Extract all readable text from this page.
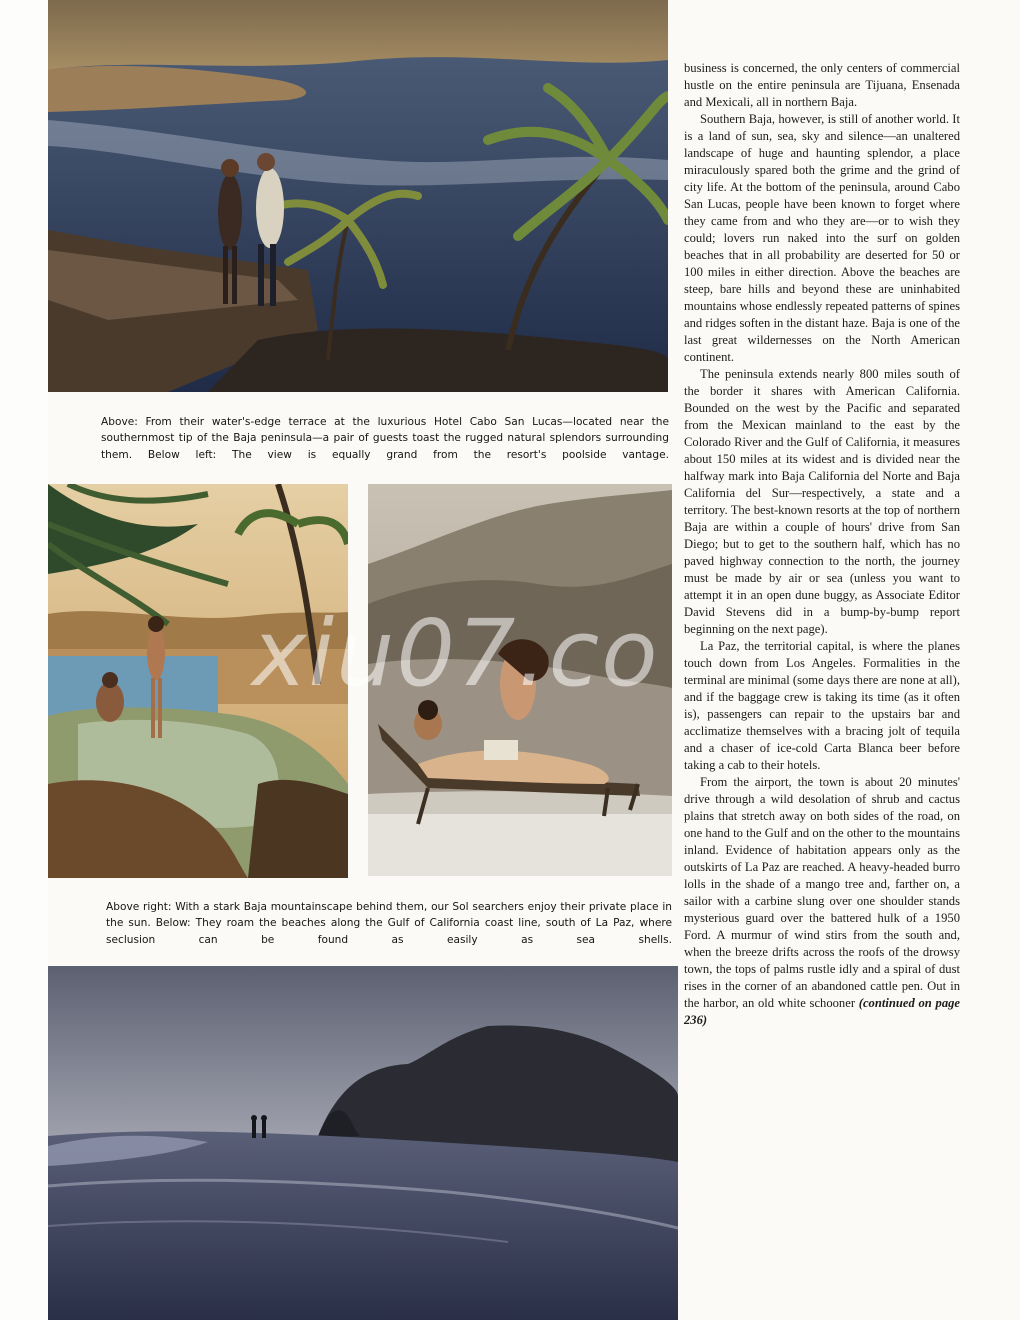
Above: From their water's-edge terrace at the luxurious Hotel Cabo San Lucas—located near the southernmost tip of the Baja peninsula—a pair of guests toast the rugged natural splendors surrounding them. Below left: The view is equally grand from the resort's poolside vantage.

Above right: With a stark Baja mountainscape behind them, our Sol searchers enjoy their private place in the sun. Below: They roam the beaches along the Gulf of California coast line, south of La Paz, where seclusion can be found as easily as sea shells.

business is concerned, the only centers of commercial hustle on the entire peninsula are Tijuana, Ensenada and Mexicali, all in northern Baja.

Southern Baja, however, is still of another world. It is a land of sun, sea, sky and silence—an unaltered landscape of huge and haunting splendor, a place miraculously spared both the grime and the grind of city life. At the bottom of the peninsula, around Cabo San Lucas, people have been known to forget where they came from and who they are—or to wish they could; lovers run naked into the surf on golden beaches that in all probability are deserted for 50 or 100 miles in either direction. Above the beaches are steep, bare hills and beyond these are uninhabited mountains whose endlessly repeated patterns of spines and ridges soften in the distant haze. Baja is one of the last great wildernesses on the North American continent.

The peninsula extends nearly 800 miles south of the border it shares with American California. Bounded on the west by the Pacific and separated from the Mexican mainland to the east by the Colorado River and the Gulf of California, it measures about 150 miles at its widest and is divided near the halfway mark into Baja California del Norte and Baja California del Sur—respectively, a state and a territory. The best-known resorts at the top of northern Baja are within a couple of hours' drive from San Diego; but to get to the southern half, which has no paved highway connection to the north, the journey must be made by air or sea (unless you want to attempt it in an open dune buggy, as Associate Editor David Stevens did in a bump-by-bump report beginning on the next page).

La Paz, the territorial capital, is where the planes touch down from Los Angeles. Formalities in the terminal are minimal (some days there are none at all), and if the baggage crew is taking its time (as it often is), passengers can repair to the upstairs bar and acclimatize themselves with a bracing jolt of tequila and a chaser of ice-cold Carta Blanca beer before taking a cab to their hotels.

From the airport, the town is about 20 minutes' drive through a wild desolation of shrub and cactus plains that stretch away on both sides of the road, on one hand to the Gulf and on the other to the mountains inland. Evidence of habitation appears only as the outskirts of La Paz are reached. A heavy-headed burro lolls in the shade of a mango tree and, farther on, a sailor with a carbine slung over one shoulder stands mysterious guard over the battered hulk of a 1950 Ford. A murmur of wind stirs from the south and, when the breeze drifts across the roofs of the drowsy town, the tops of palms rustle idly and a spiral of dust rises in the corner of an abandoned cattle pen. Out in the harbor, an old white schooner (continued on page 236)

xiu07.co
